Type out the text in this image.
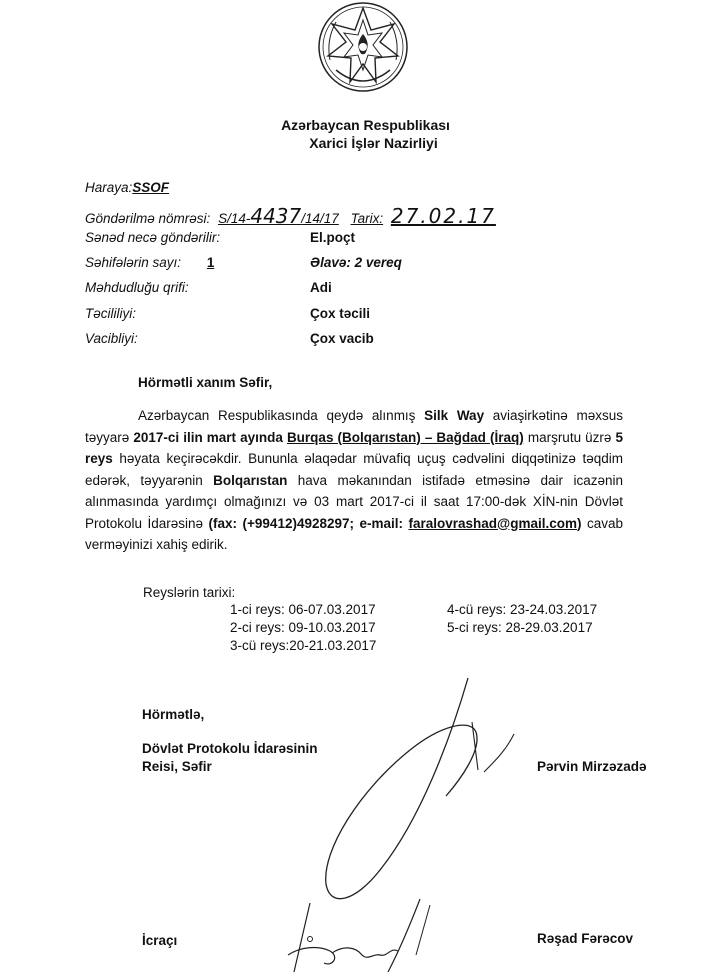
Azərbaycan Respublikası
Xarici İşlər Nazirliyi
Haraya:SSOF
Göndərilmə nömrəsi: S/14-4437/14/17 Tarix: 27.02.17
Sənəd necə göndərilir:	El.poçt
Səhifələrin sayı: 1	Əlavə: 2 vereq
Məhdudluğu qrifi:	Adi
Təcililiyi:	Çox təcili
Vacibliyi:	Çox vacib
Hörmətli xanım Səfir,
Azərbaycan Respublikasında qeydə alınmış Silk Way aviaşirkətinə məxsus təyyarə 2017-ci ilin mart ayında Burqas (Bolqarıstan) – Bağdad (İraq) marşrutu üzrə 5 reys həyata keçirəcəkdir. Bununla əlaqədar müvafiq uçuş cədvəlini diqqətinizə təqdim edərək, təyyarənin Bolqarıstan hava məkanından istifadə etməsinə dair icazənin alınmasında yardımçı olmağınızı və 03 mart 2017-ci il saat 17:00-dək XİN-nin Dövlət Protokolu İdarəsinə (fax: (+99412)4928297; e-mail: faralovrashad@gmail.com) cavab verməyinizi xahiş edirik.
Reyslərin tarixi:
1-ci reys: 06-07.03.2017
2-ci reys: 09-10.03.2017
3-cü reys:20-21.03.2017
4-cü reys: 23-24.03.2017
5-ci reys: 28-29.03.2017
Hörmətlə,
Dövlət Protokolu İdarəsinin
Reisi, Səfir	Pərvin Mirzəzadə
İcraçı	Rəşad Fərəcov
